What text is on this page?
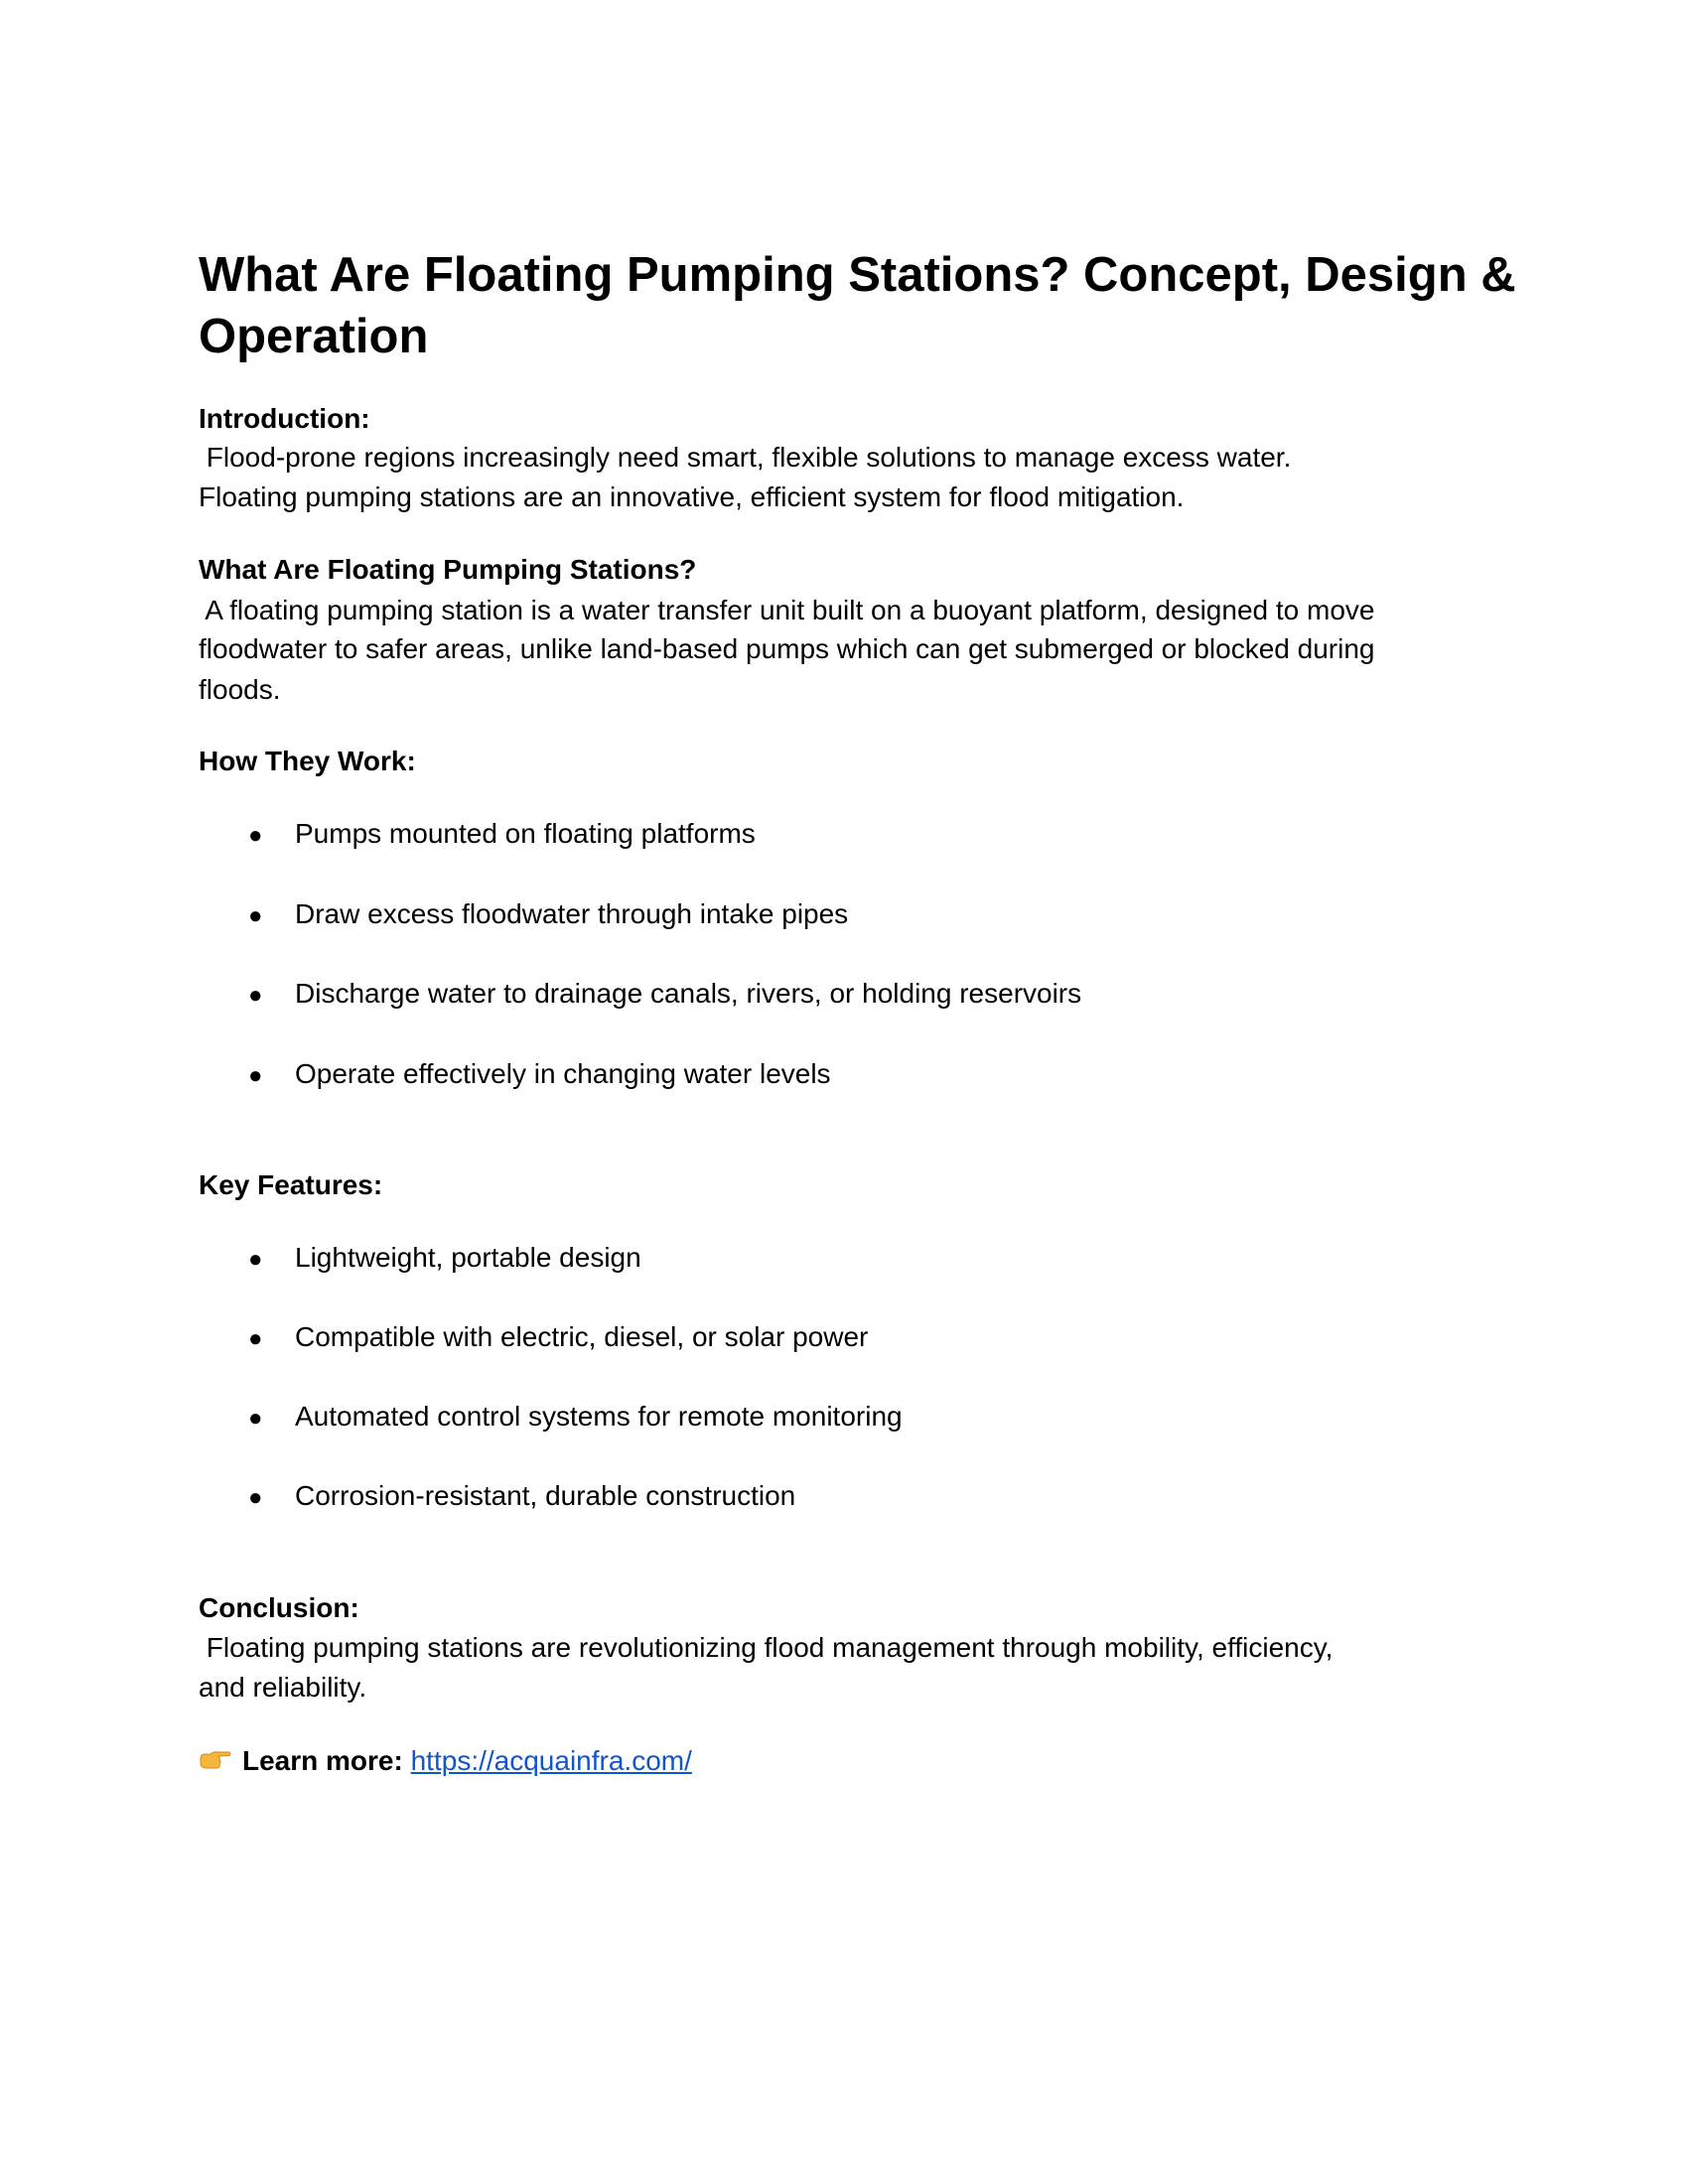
What Are Floating Pumping Stations? Concept, Design &
Operation
Introduction:
Flood-prone regions increasingly need smart, flexible solutions to manage excess water.
Floating pumping stations are an innovative, efficient system for flood mitigation.
What Are Floating Pumping Stations?
A floating pumping station is a water transfer unit built on a buoyant platform, designed to move
floodwater to safer areas, unlike land-based pumps which can get submerged or blocked during
floods.
How They Work:
● Pumps mounted on floating platforms
● Draw excess floodwater through intake pipes
● Discharge water to drainage canals, rivers, or holding reservoirs
● Operate effectively in changing water levels
Key Features:
● Lightweight, portable design
● Compatible with electric, diesel, or solar power
● Automated control systems for remote monitoring
● Corrosion-resistant, durable construction
Conclusion:
Floating pumping stations are revolutionizing flood management through mobility, efficiency,
and reliability.
Learn more: https://acquainfra.com/
